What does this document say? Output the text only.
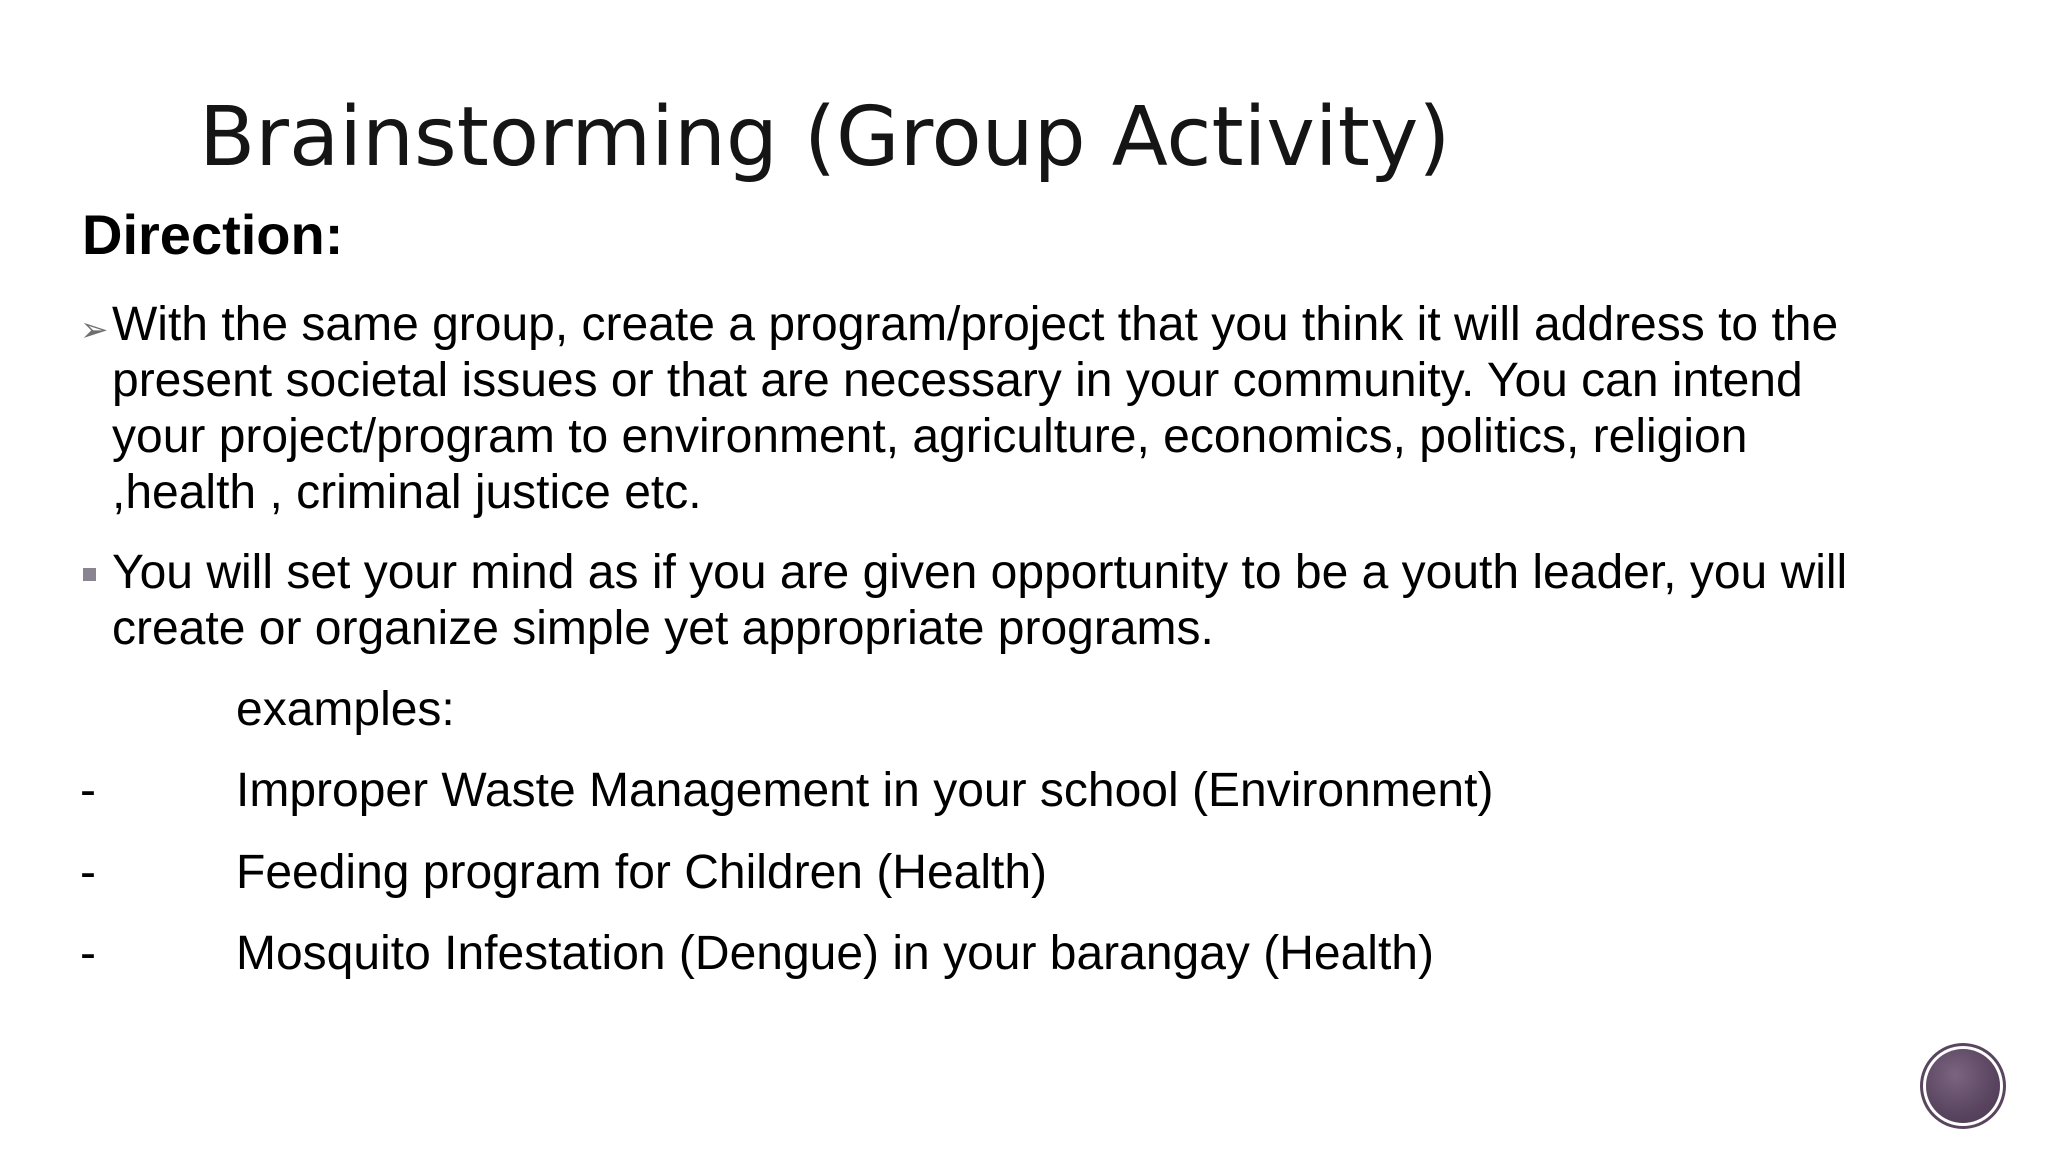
Brainstorming (Group Activity)
Direction:
➢ With the same group, create a program/project that you think it will address to the
present societal issues or that are necessary in your community. You can intend
your project/program to environment, agriculture, economics, politics, religion
,health , criminal justice etc.
You will set your mind as if you are given opportunity to be a youth leader, you will
create or organize simple yet appropriate programs.
examples:
-	Improper Waste Management in your school (Environment)
-	Feeding program for Children (Health)
-	Mosquito Infestation (Dengue) in your barangay (Health)
